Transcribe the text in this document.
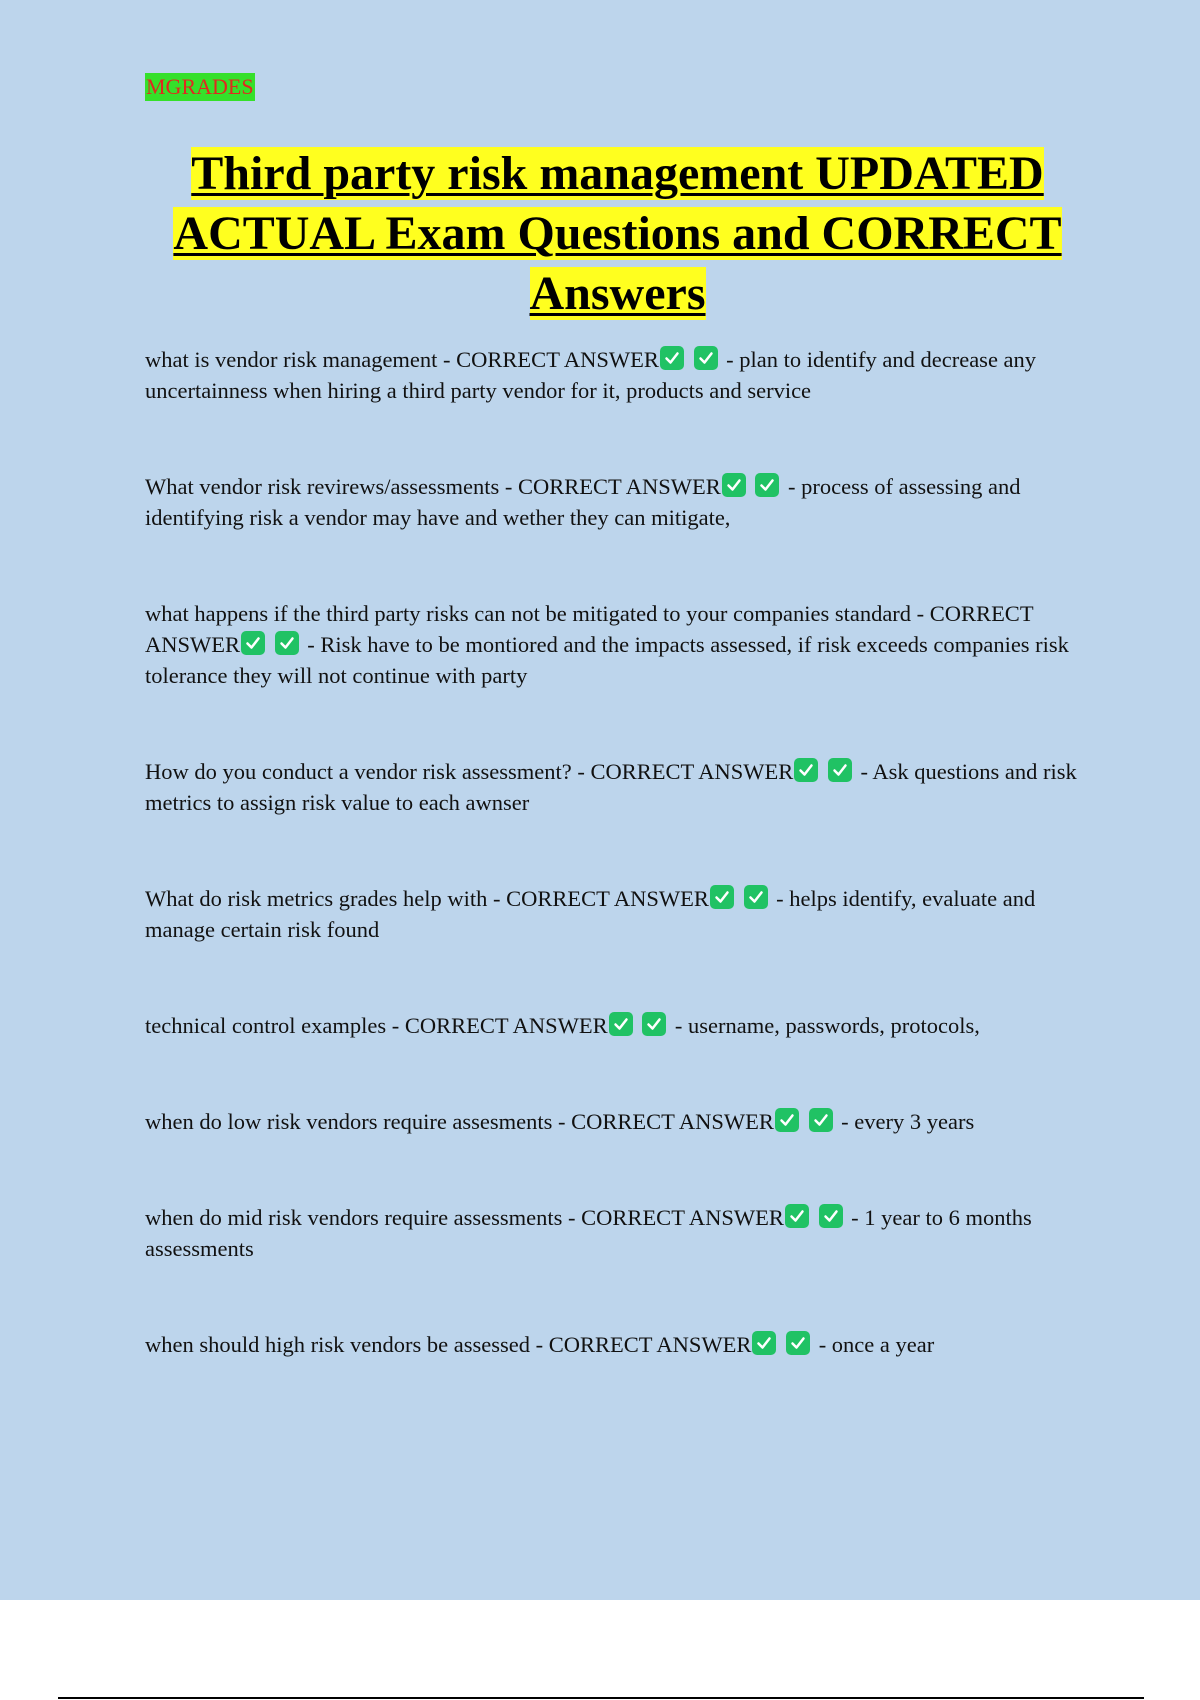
MGRADES
Third party risk management UPDATED ACTUAL Exam Questions and CORRECT Answers

what is vendor risk management - CORRECT ANSWER
	- plan to identify and decrease any uncertainness when hiring a third party vendor for it, products and service

What vendor risk revirews/assessments - CORRECT ANSWER
	- process of assessing and identifying risk a vendor may have and wether they can mitigate,

what happens if the third party risks can not be mitigated to your companies standard - CORRECT ANSWER
	- Risk have to be montiored and the impacts assessed, if risk exceeds companies risk tolerance they will not continue with party

How do you conduct a vendor risk assessment? - CORRECT ANSWER
	- Ask questions and risk metrics to assign risk value to each awnser

What do risk metrics grades help with - CORRECT ANSWER
	- helps identify, evaluate and manage certain risk found

technical control examples - CORRECT ANSWER
	- username, passwords, protocols,

when do low risk vendors require assesments - CORRECT ANSWER
	- every 3 years

when do mid risk vendors require assessments - CORRECT ANSWER
	- 1 year to 6 months assessments

when should high risk vendors be assessed - CORRECT ANSWER
	- once a year
